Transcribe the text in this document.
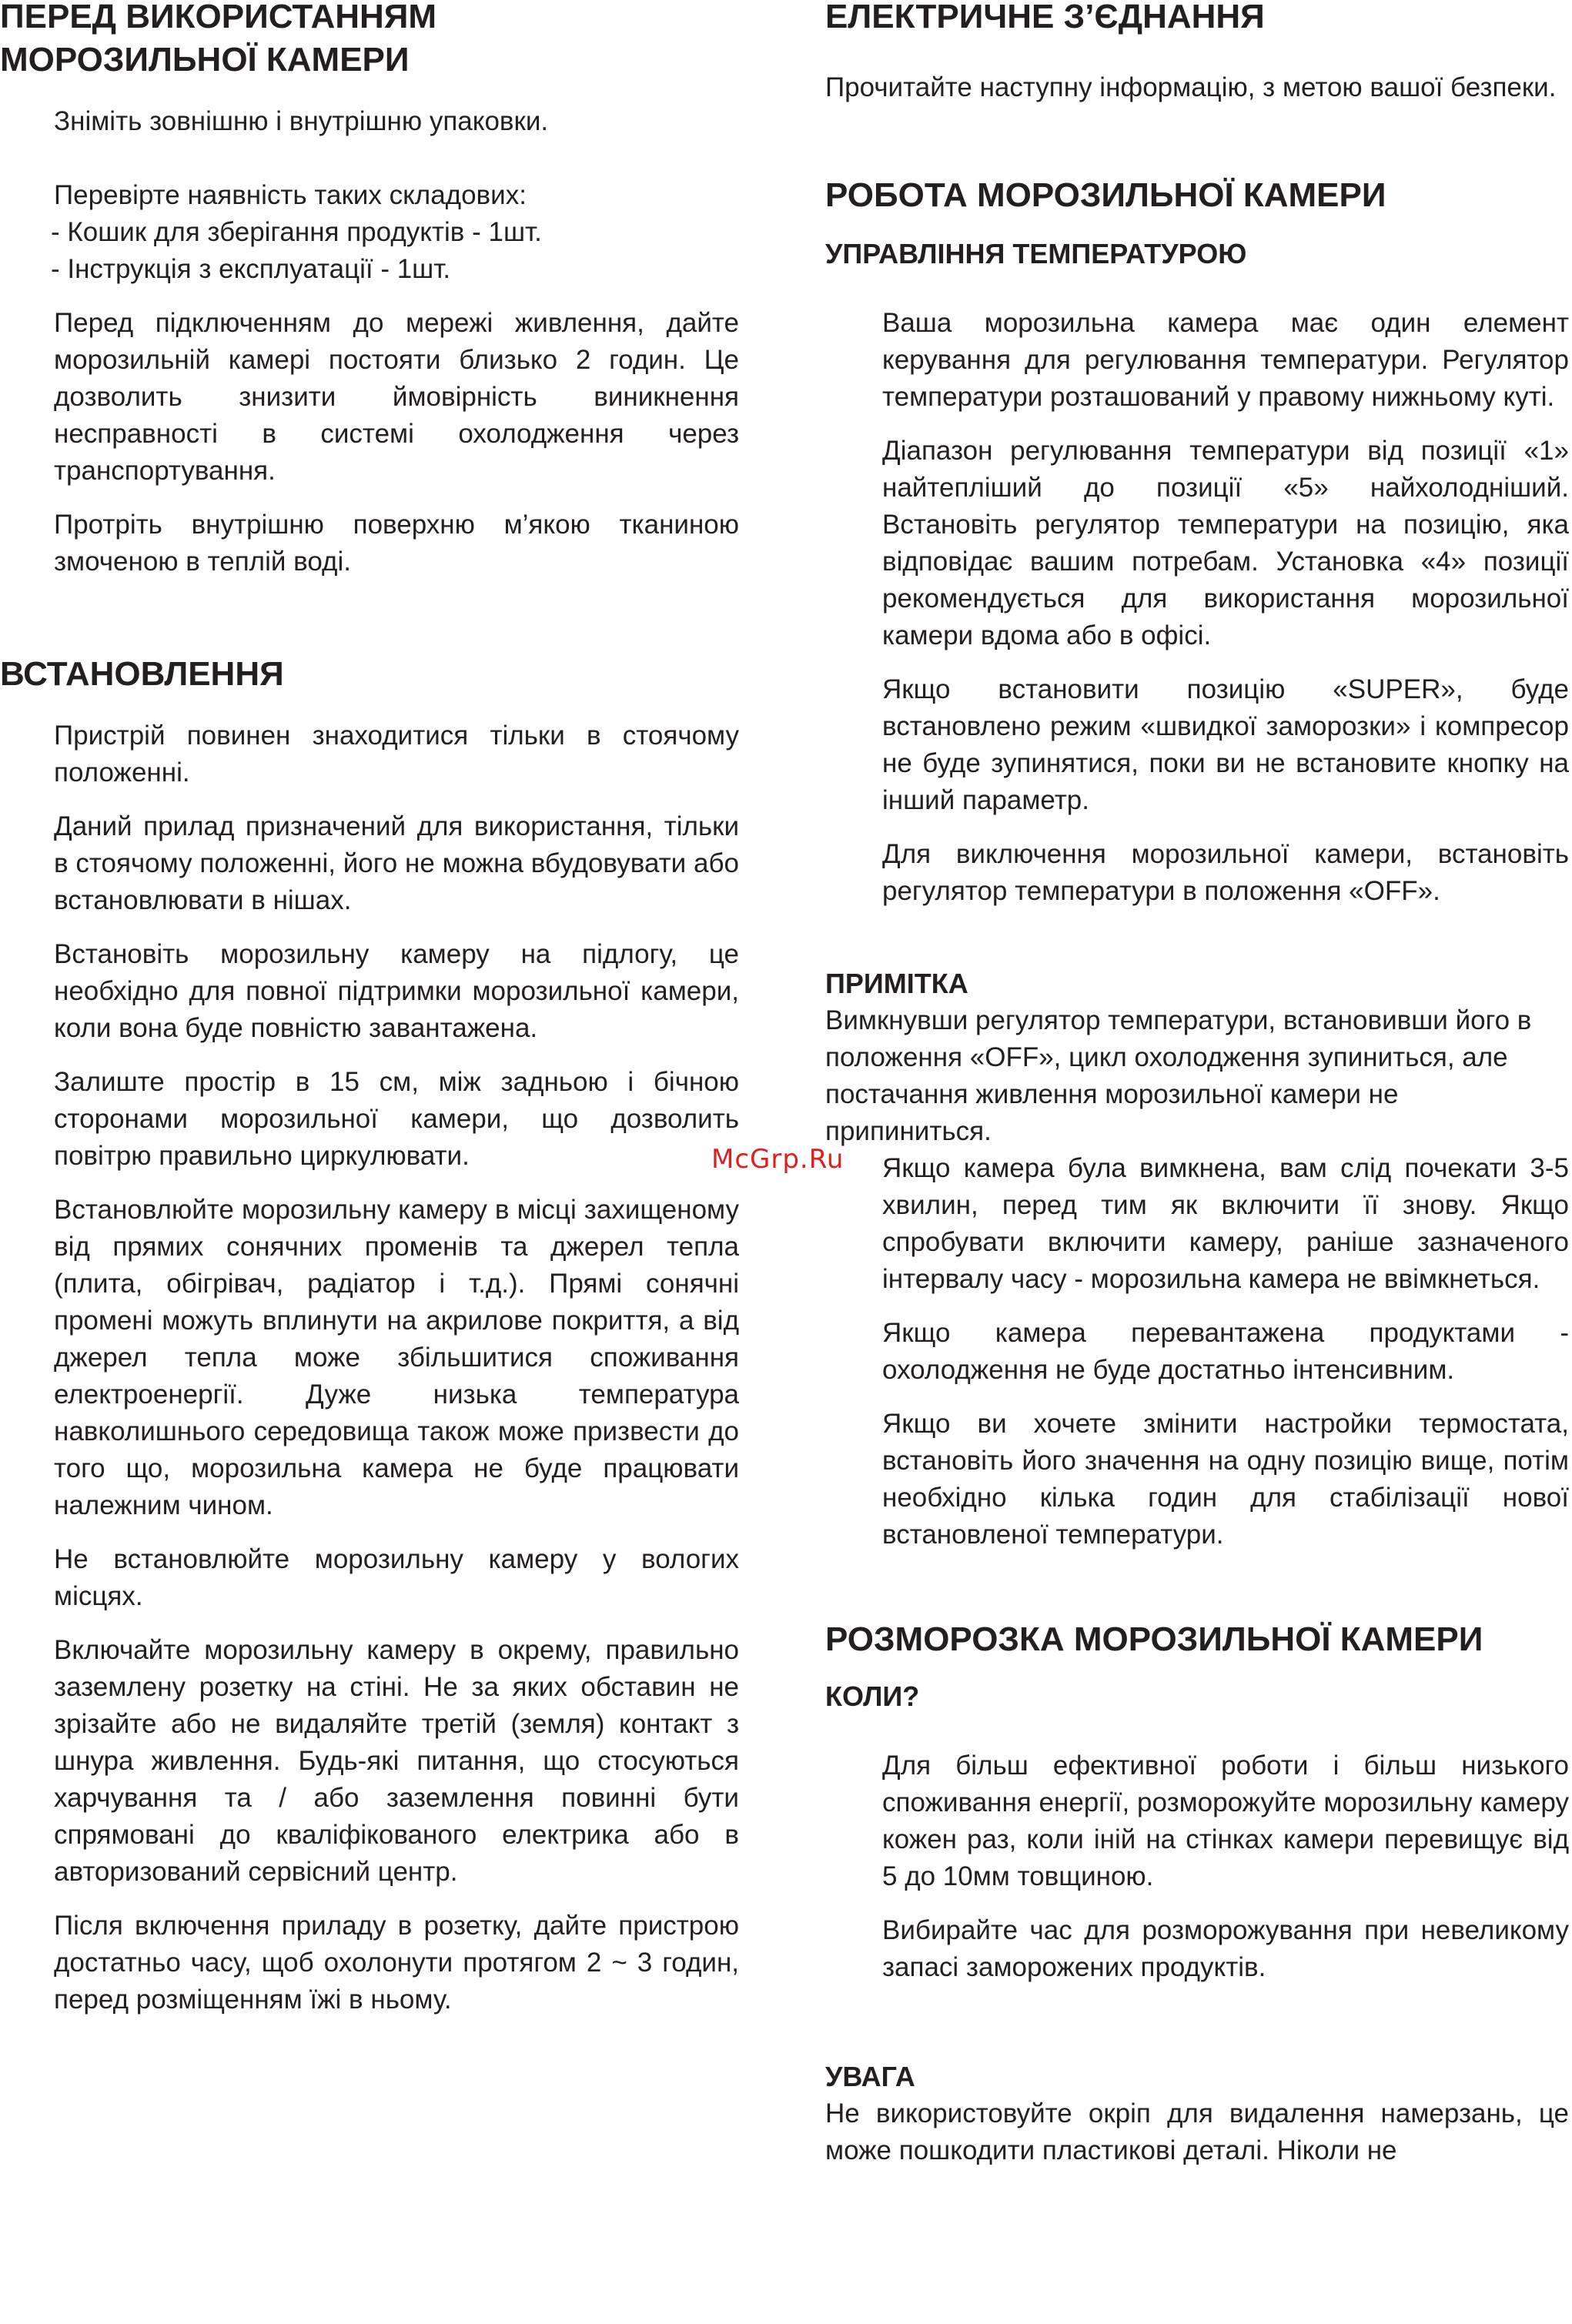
ПЕРЕД ВИКОРИСТАННЯМ
МОРОЗИЛЬНОЇ КАМЕРИ

Зніміть зовнішню і внутрішню упаковки.

Перевірте наявність таких складових:

- Кошик для зберігання продуктів - 1шт.

- Інструкція з експлуатації - 1шт.

Перед підключенням до мережі живлення, дайте морозильній камері постояти близько 2 годин. Це дозволить знизити ймовірність виникнення несправності в системі охолодження через транспортування.

Протріть внутрішню поверхню м’якою тканиною змоченою в теплій воді.

ВСТАНОВЛЕННЯ

Пристрій повинен знаходитися тільки в стоячому положенні.

Даний прилад призначений для використання, тільки в стоячому положенні, його не можна вбудовувати або встановлювати в нішах.

Встановіть морозильну камеру на підлогу, це необхідно для повної підтримки морозильної камери, коли вона буде повністю завантажена.

Залиште простір в 15 см, між задньою і бічною сторонами морозильної камери, що дозволить повітрю правильно циркулювати.

Встановлюйте морозильну камеру в місці захищеному від прямих сонячних променів та джерел тепла (плита, обігрівач, радіатор і т.д.). Прямі сонячні промені можуть вплинути на акрилове покриття, а від джерел тепла може збільшитися споживання електроенергії. Дуже низька температура навколишнього середовища також може призвести до того що, морозильна камера не буде працювати належним чином.

Не встановлюйте морозильну камеру у вологих місцях.

Включайте морозильну камеру в окрему, правильно заземлену розетку на стіні. Не за яких обставин не зрізайте або не видаляйте третій (земля) контакт з шнура живлення. Будь-які питання, що стосуються харчування та / або заземлення повинні бути спрямовані до кваліфікованого електрика або в авторизований сервісний центр.

Після включення приладу в розетку, дайте пристрою достатньо часу, щоб охолонути протягом 2 ~ 3 годин, перед розміщенням їжі в ньому.

ЕЛЕКТРИЧНЕ З’ЄДНАННЯ

Прочитайте наступну інформацію, з метою вашої безпеки.

РОБОТА МОРОЗИЛЬНОЇ КАМЕРИ
УПРАВЛІННЯ ТЕМПЕРАТУРОЮ

Ваша морозильна камера має один елемент керування для регулювання температури. Регулятор температури розташований у правому нижньому куті.

Діапазон регулювання температури від позиції «1» найтепліший до позиції «5» найхолодніший. Встановіть регулятор температури на позицію, яка відповідає вашим потребам. Установка «4» позиції рекомендується для використання морозильної камери вдома або в офісі.

Якщо встановити позицію «SUPER», буде встановлено режим «швидкої заморозки» і компресор не буде зупинятися, поки ви не встановите кнопку на інший параметр.

Для виключення морозильної камери, встановіть регулятор температури в положення «OFF».

ПРИМІТКА

Вимкнувши регулятор температури, встановивши його в положення «OFF», цикл охолодження зупиниться, але постачання живлення морозильної камери не припиниться.

Якщо камера була вимкнена, вам слід почекати 3-5 хвилин, перед тим як включити її знову. Якщо спробувати включити камеру, раніше зазначеного інтервалу часу - морозильна камера не ввімкнеться.

Якщо камера перевантажена продуктами - охолодження не буде достатньо інтенсивним.

Якщо ви хочете змінити настройки термостата, встановіть його значення на одну позицію вище, потім необхідно кілька годин для стабілізації нової встановленої температури.

РОЗМОРОЗКА МОРОЗИЛЬНОЇ КАМЕРИ
КОЛИ?

Для більш ефективної роботи і більш низького споживання енергії, розморожуйте морозильну камеру кожен раз, коли іній на стінках камери перевищує від 5 до 10мм товщиною.

Вибирайте час для розморожування при невеликому запасі заморожених продуктів.

УВАГА

Не використовуйте окріп для видалення намерзань, це може пошкодити пластикові деталі. Ніколи не

McGrp.Ru
